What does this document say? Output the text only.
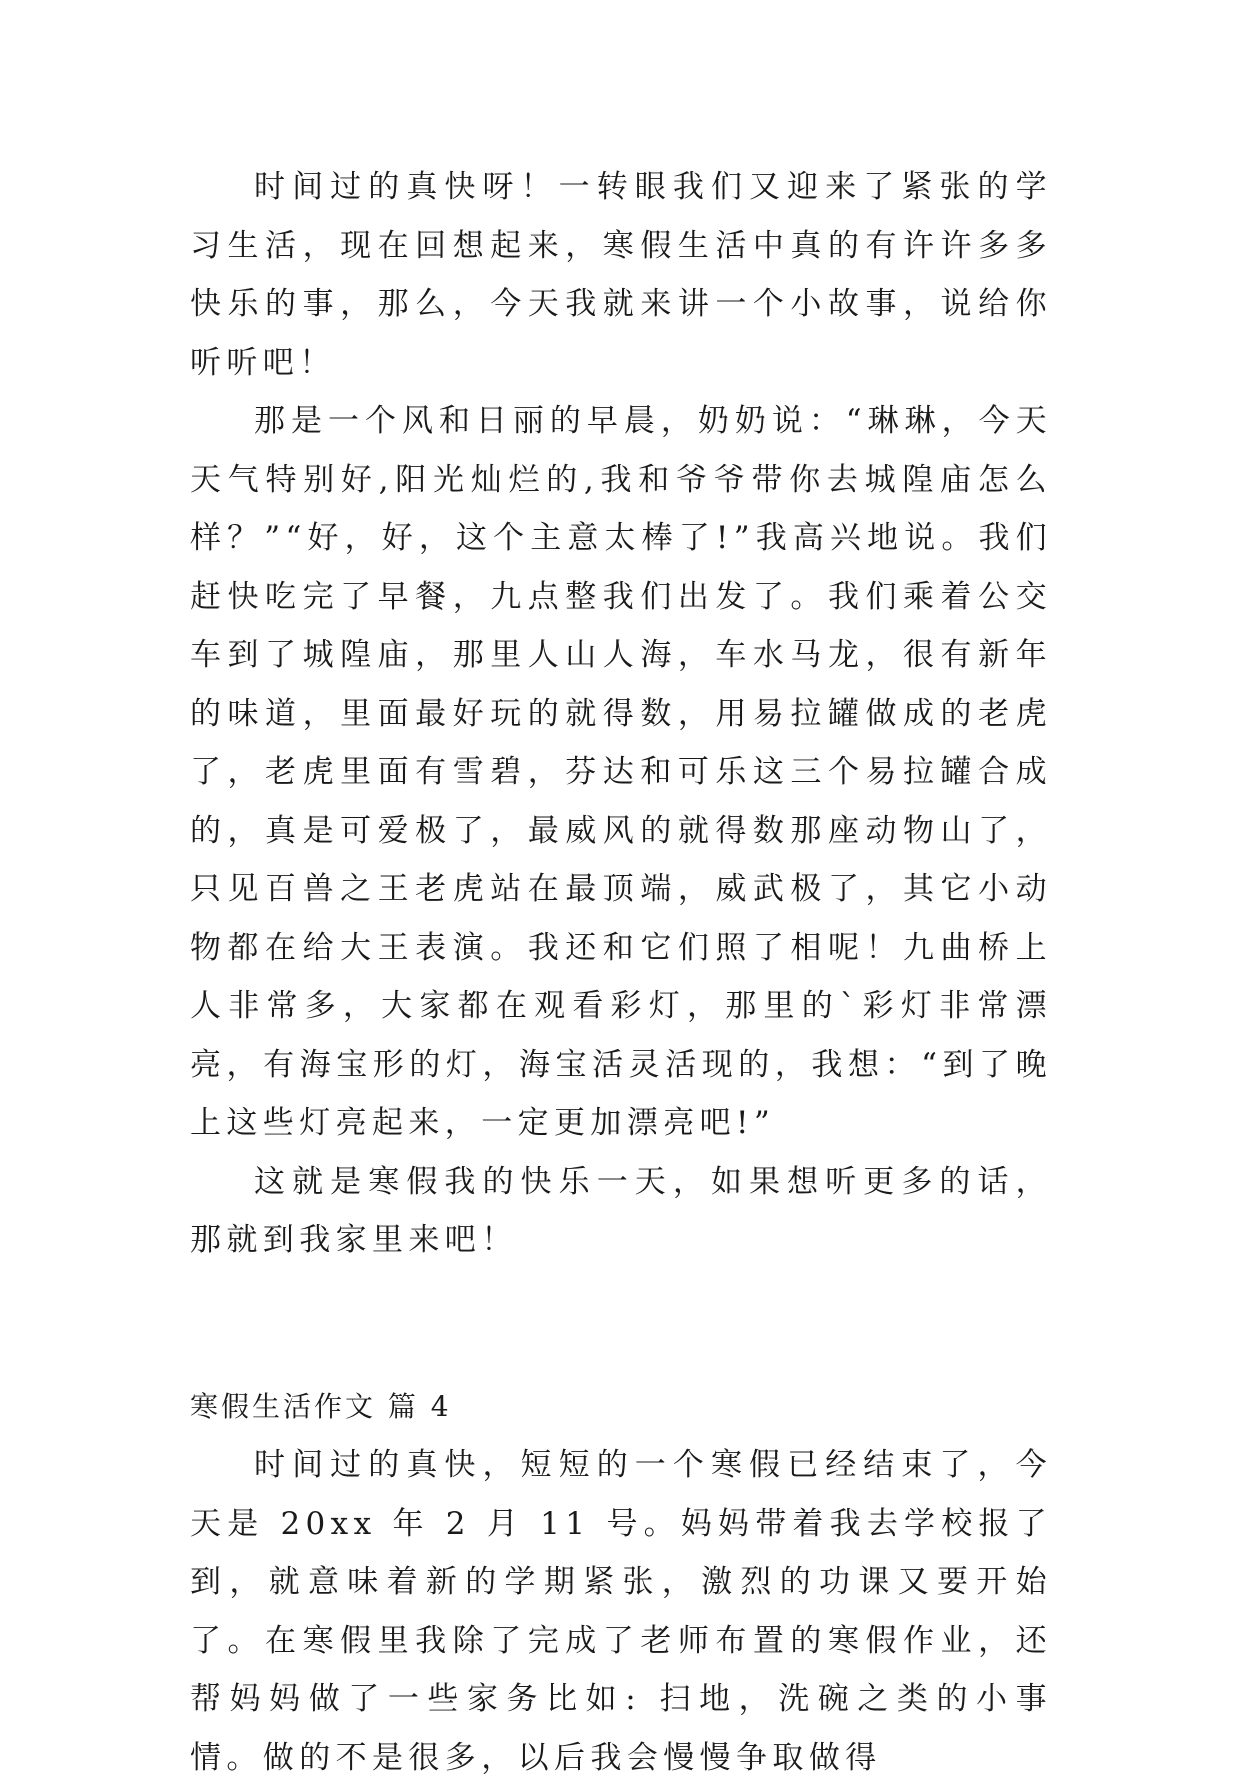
时间过的真快呀！一转眼我们又迎来了紧张的学习生活，现在回想起来，寒假生活中真的有许许多多快乐的事，那么，今天我就来讲一个小故事，说给你听听吧！

那是一个风和日丽的早晨，奶奶说：“琳琳，今天天气特别好,阳光灿烂的,我和爷爷带你去城隍庙怎么样？”“好，好，这个主意太棒了!”我高兴地说。我们赶快吃完了早餐，九点整我们出发了。我们乘着公交车到了城隍庙，那里人山人海，车水马龙，很有新年的味道，里面最好玩的就得数，用易拉罐做成的老虎了，老虎里面有雪碧，芬达和可乐这三个易拉罐合成的，真是可爱极了，最威风的就得数那座动物山了，只见百兽之王老虎站在最顶端，威武极了，其它小动物都在给大王表演。我还和它们照了相呢！九曲桥上人非常多，大家都在观看彩灯，那里的`彩灯非常漂亮，有海宝形的灯，海宝活灵活现的，我想：“到了晚上这些灯亮起来，一定更加漂亮吧!”

这就是寒假我的快乐一天，如果想听更多的话，那就到我家里来吧！

寒假生活作文 篇 4

时间过的真快，短短的一个寒假已经结束了，今天是 20xx 年 2 月 11 号。妈妈带着我去学校报了到，就意味着新的学期紧张，激烈的功课又要开始了。在寒假里我除了完成了老师布置的寒假作业，还帮妈妈做了一些家务比如: 扫地，洗碗之类的小事情。做的不是很多，以后我会慢慢争取做得
